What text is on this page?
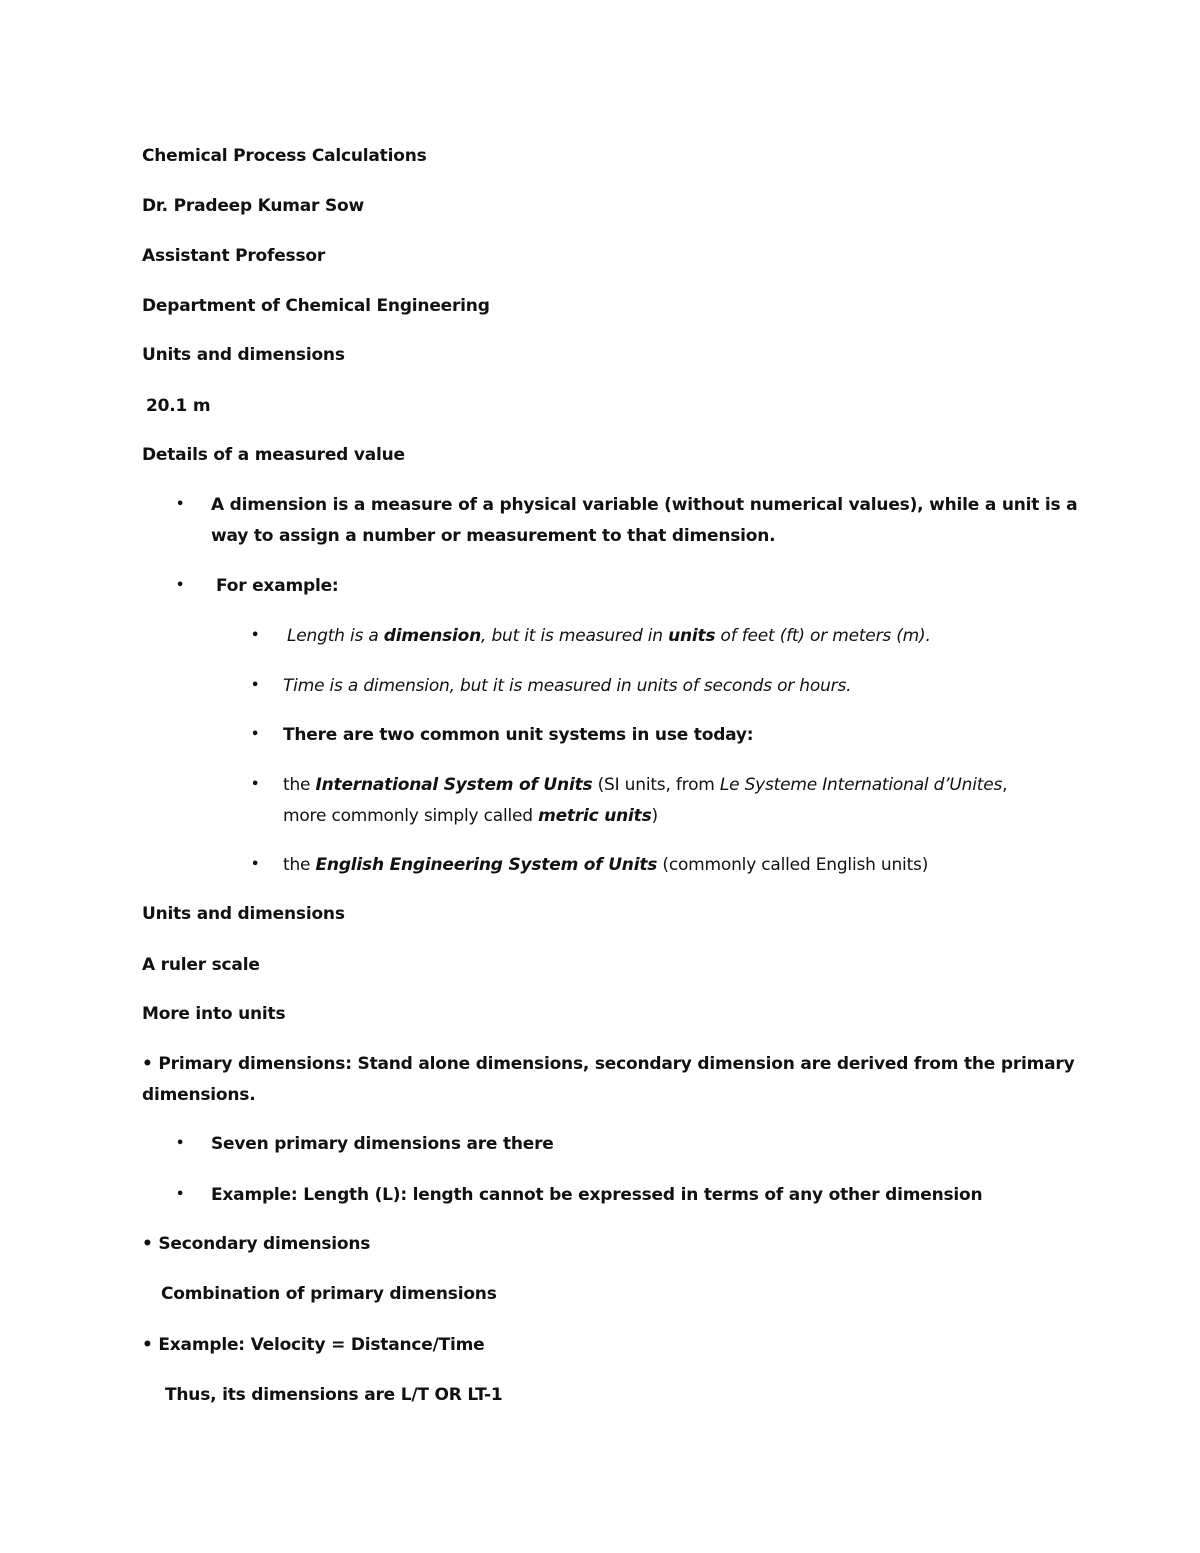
Chemical Process Calculations
Dr. Pradeep Kumar Sow
Assistant Professor
Department of Chemical Engineering
Units and dimensions
20.1 m
Details of a measured value
• A dimension is a measure of a physical variable (without numerical values), while a unit is a
way to assign a number or measurement to that dimension.
• For example:
• Length is a dimension, but it is measured in units of feet (ft) or meters (m).
• Time is a dimension, but it is measured in units of seconds or hours.
• There are two common unit systems in use today:
• the International System of Units (SI units, from Le Systeme International d’Unites,
more commonly simply called metric units)
• the English Engineering System of Units (commonly called English units)
Units and dimensions
A ruler scale
More into units
• Primary dimensions: Stand alone dimensions, secondary dimension are derived from the primary
dimensions.
• Seven primary dimensions are there
• Example: Length (L): length cannot be expressed in terms of any other dimension
• Secondary dimensions
Combination of primary dimensions
• Example: Velocity = Distance/Time
Thus, its dimensions are L/T OR LT-1
